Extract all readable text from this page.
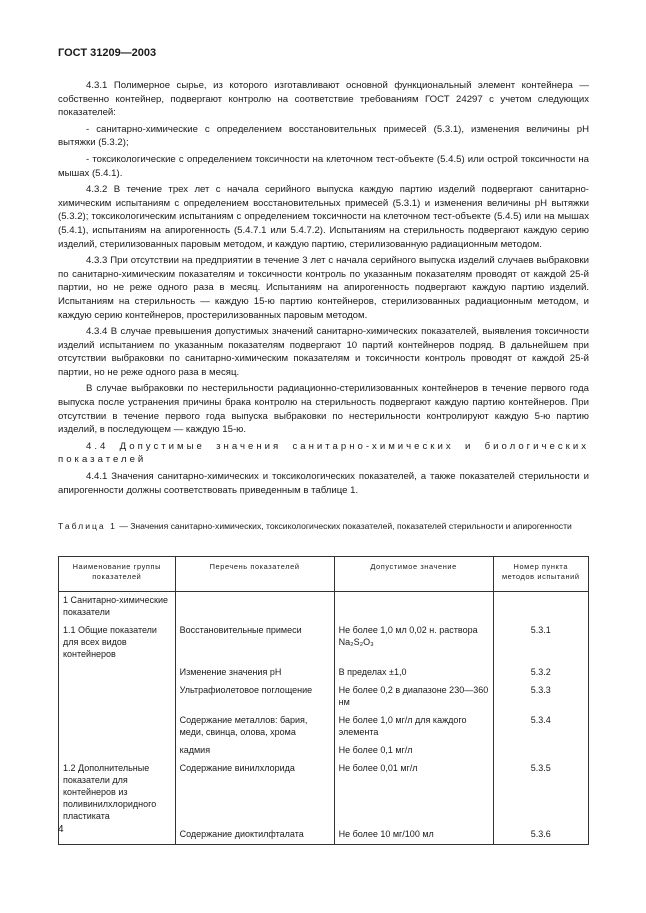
ГОСТ 31209—2003

4.3.1 Полимерное сырье, из которого изготавливают основной функциональный элемент контейнера — собственно контейнер, подвергают контролю на соответствие требованиям ГОСТ 24297 с учетом следующих показателей:

- санитарно-химические с определением восстановительных примесей (5.3.1), изменения величины pH вытяжки (5.3.2);

- токсикологические с определением токсичности на клеточном тест-объекте (5.4.5) или острой токсичности на мышах (5.4.1).

4.3.2 В течение трех лет с начала серийного выпуска каждую партию изделий подвергают санитарно-химическим испытаниям с определением восстановительных примесей (5.3.1) и изменения величины pH вытяжки (5.3.2); токсикологическим испытаниям с определением токсичности на клеточном тест-объекте (5.4.5) или на мышах (5.4.1), испытаниям на апирогенность (5.4.7.1 или 5.4.7.2). Испытаниям на стерильность подвергают каждую серию изделий, стерилизованных паровым методом, и каждую партию, стерилизованную радиационным методом.

4.3.3 При отсутствии на предприятии в течение 3 лет с начала серийного выпуска изделий случаев выбраковки по санитарно-химическим показателям и токсичности контроль по указанным показателям проводят от каждой 25-й партии, но не реже одного раза в месяц. Испытаниям на апирогенность подвергают каждую партию изделий. Испытаниям на стерильность — каждую 15-ю партию контейнеров, стерилизованных радиационным методом, и каждую серию контейнеров, простерилизованных паровым методом.

4.3.4 В случае превышения допустимых значений санитарно-химических показателей, выявления токсичности изделий испытанием по указанным показателям подвергают 10 партий контейнеров подряд. В дальнейшем при отсутствии выбраковки по санитарно-химическим показателям и токсичности контроль проводят от каждой 25-й партии, но не реже одного раза в месяц.

В случае выбраковки по нестерильности радиационно-стерилизованных контейнеров в течение первого года выпуска после устранения причины брака контролю на стерильность подвергают каждую партию контейнеров. При отсутствии в течение первого года выпуска выбраковки по нестерильности контролируют каждую 5-ю партию изделий, в последующем — каждую 15-ю.

4.4 Допустимые значения санитарно-химических и биологических показателей

4.4.1 Значения санитарно-химических и токсикологических показателей, а также показателей стерильности и апирогенности должны соответствовать приведенным в таблице 1.

Таблица 1 — Значения санитарно-химических, токсикологических показателей, показателей стерильности и апирогенности
Наименование группы показателей	Перечень показателей	Допустимое значение	Номер пункта методов испытаний
1 Санитарно-химические показатели			
1.1 Общие показатели для всех видов контейнеров	Восстановительные примеси	Не более 1,0 мл 0,02 н. раствора Na₂S₂O₃	5.3.1
	Изменение значения pH	В пределах ±1,0	5.3.2
	Ультрафиолетовое поглощение	Не более 0,2 в диапазоне 230—360 нм	5.3.3
	Содержание металлов: бария, меди, свинца, олова, хрома	Не более 1,0 мг/л для каждого элемента	5.3.4
	кадмия	Не более 0,1 мг/л	
1.2 Дополнительные показатели для контейнеров из поливинилхлоридного пластиката	Содержание винилхлорида	Не более 0,01 мг/л	5.3.5
	Содержание диоктилфталата	Не более 10 мг/100 мл	5.3.6
4
